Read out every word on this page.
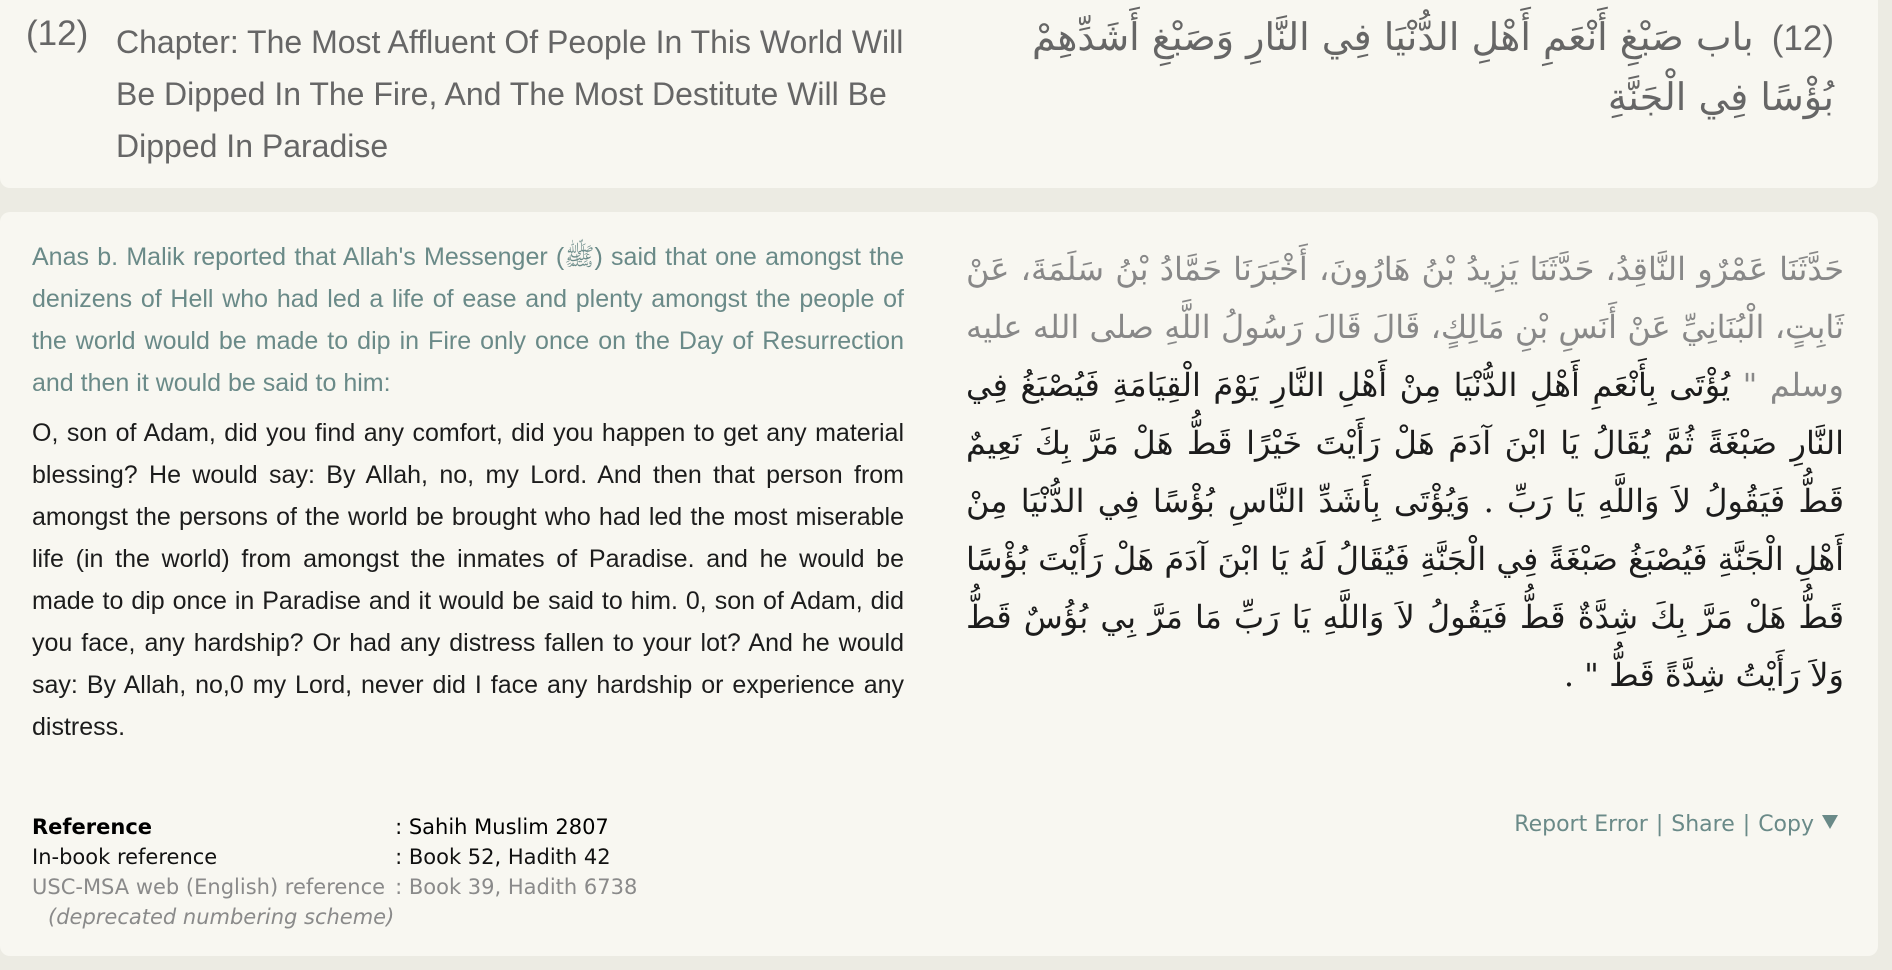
(12) Chapter: The Most Affluent Of People In This World Will Be Dipped In The Fire, And The Most Destitute Will Be Dipped In Paradise
(12)باب صَبْغِ أَنْعَمِ أَهْلِ الدُّنْيَا فِي النَّارِ وَصَبْغِ أَشَدِّهِمْ بُؤْسًا فِي الْجَنَّةِ
Anas b. Malik reported that Allah's Messenger (ﷺ) said that one amongst the denizens of Hell who had led a life of ease and plenty amongst the people of the world would be made to dip in Fire only once on the Day of Resurrection and then it would be said to him:
O, son of Adam, did you find any comfort, did you happen to get any material blessing? He would say: By Allah, no, my Lord. And then that person from amongst the persons of the world be brought who had led the most miserable life (in the world) from amongst the inmates of Paradise. and he would be made to dip once in Paradise and it would be said to him. 0, son of Adam, did you face, any hardship? Or had any distress fallen to your lot? And he would say: By Allah, no,0 my Lord, never did I face any hardship or experience any distress.
حَدَّثَنَا عَمْرٌو النَّاقِدُ، حَدَّثَنَا يَزِيدُ بْنُ هَارُونَ، أَخْبَرَنَا حَمَّادُ بْنُ سَلَمَةَ، عَنْ ثَابِتٍ، الْبُنَانِيِّ عَنْ أَنَسِ بْنِ مَالِكٍ، قَالَ قَالَ رَسُولُ اللَّهِ صلى الله عليه وسلم " يُؤْتَى بِأَنْعَمِ أَهْلِ الدُّنْيَا مِنْ أَهْلِ النَّارِ يَوْمَ الْقِيَامَةِ فَيُصْبَغُ فِي النَّارِ صَبْغَةً ثُمَّ يُقَالُ يَا ابْنَ آدَمَ هَلْ رَأَيْتَ خَيْرًا قَطُّ هَلْ مَرَّ بِكَ نَعِيمٌ قَطُّ فَيَقُولُ لاَ وَاللَّهِ يَا رَبِّ ‏.‏ وَيُؤْتَى بِأَشَدِّ النَّاسِ بُؤْسًا فِي الدُّنْيَا مِنْ أَهْلِ الْجَنَّةِ فَيُصْبَغُ صَبْغَةً فِي الْجَنَّةِ فَيُقَالُ لَهُ يَا ابْنَ آدَمَ هَلْ رَأَيْتَ بُؤْسًا قَطُّ هَلْ مَرَّ بِكَ شِدَّةٌ قَطُّ فَيَقُولُ لاَ وَاللَّهِ يَا رَبِّ مَا مَرَّ بِي بُؤُسٌ قَطُّ وَلاَ رَأَيْتُ شِدَّةً قَطُّ " ‏.‏
Reference	: Sahih Muslim 2807
In-book reference	: Book 52, Hadith 42
USC-MSA web (English) reference	: Book 39, Hadith 6738
(deprecated numbering scheme)	
Report Error | Share | Copy
